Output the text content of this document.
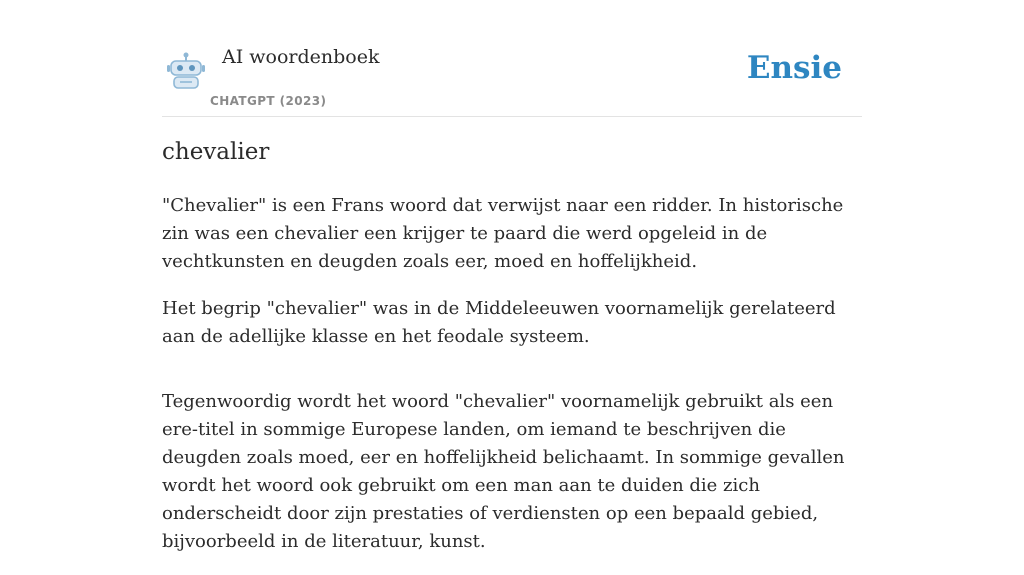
AI woordenboek
CHATGPT (2023)
Ensie
chevalier

"Chevalier" is een Frans woord dat verwijst naar een ridder. In historische zin was een chevalier een krijger te paard die werd opgeleid in de vechtkunsten en deugden zoals eer, moed en hoffelijkheid.

Het begrip "chevalier" was in de Middeleeuwen voornamelijk gerelateerd aan de adellijke klasse en het feodale systeem.

Tegenwoordig wordt het woord "chevalier" voornamelijk gebruikt als een ere-titel in sommige Europese landen, om iemand te beschrijven die deugden zoals moed, eer en hoffelijkheid belichaamt. In sommige gevallen wordt het woord ook gebruikt om een man aan te duiden die zich onderscheidt door zijn prestaties of verdiensten op een bepaald gebied, bijvoorbeeld in de literatuur, kunst.
